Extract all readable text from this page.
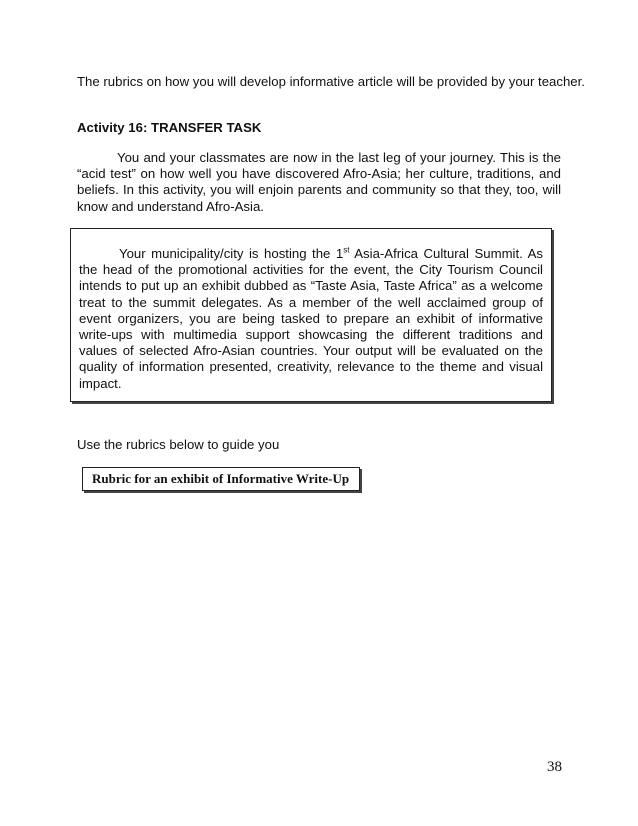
The rubrics on how you will develop informative article will be provided by your teacher.
Activity 16: TRANSFER TASK
You and your classmates are now in the last leg of your journey. This is the “acid test” on how well you have discovered Afro-Asia; her culture, traditions, and beliefs. In this activity, you will enjoin parents and community so that they, too, will know and understand Afro-Asia.
Your municipality/city is hosting the 1st Asia-Africa Cultural Summit. As the head of the promotional activities for the event, the City Tourism Council intends to put up an exhibit dubbed as “Taste Asia, Taste Africa” as a welcome treat to the summit delegates. As a member of the well acclaimed group of event organizers, you are being tasked to prepare an exhibit of informative write-ups with multimedia support showcasing the different traditions and values of selected Afro-Asian countries. Your output will be evaluated on the quality of information presented, creativity, relevance to the theme and visual impact.
Use the rubrics below to guide you
Rubric for an exhibit of Informative Write-Up
38
